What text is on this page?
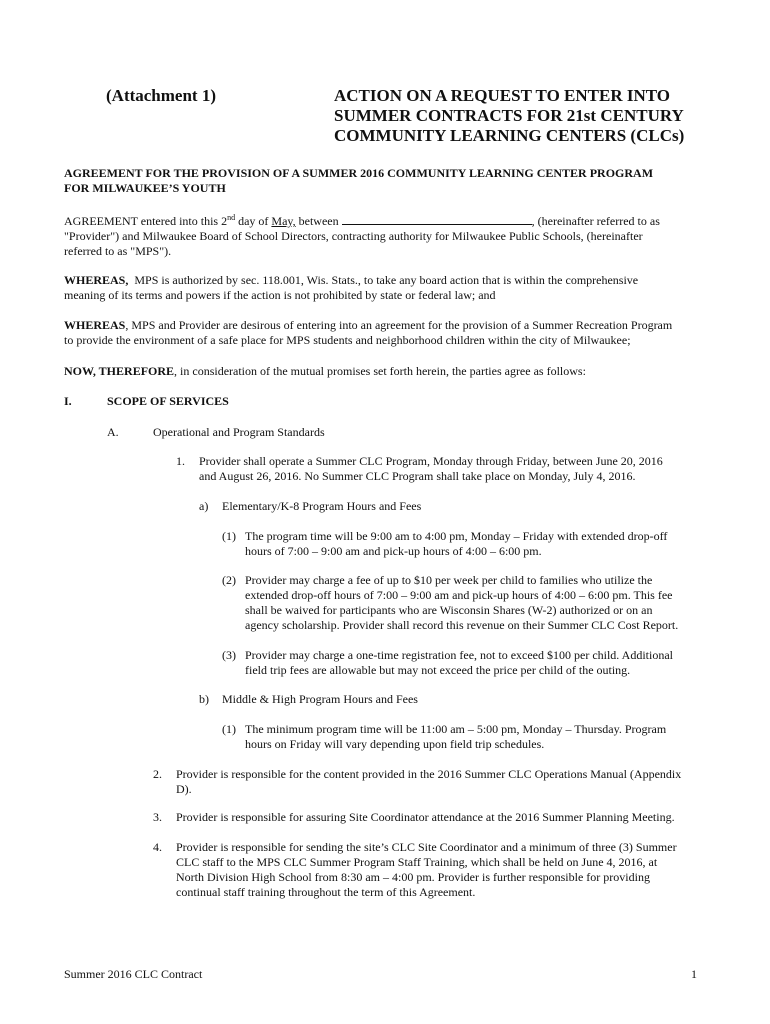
(Attachment 1)	ACTION ON A REQUEST TO ENTER INTO
SUMMER CONTRACTS FOR 21st CENTURY
COMMUNITY LEARNING CENTERS (CLCs)
AGREEMENT FOR THE PROVISION OF A SUMMER 2016 COMMUNITY LEARNING CENTER PROGRAM
FOR MILWAUKEE’S YOUTH
AGREEMENT entered into this 2nd day of May, between	, (hereinafter referred to as
"Provider") and Milwaukee Board of School Directors, contracting authority for Milwaukee Public Schools, (hereinafter
referred to as "MPS").
WHEREAS,  MPS is authorized by sec. 118.001, Wis. Stats., to take any board action that is within the comprehensive
meaning of its terms and powers if the action is not prohibited by state or federal law; and
WHEREAS, MPS and Provider are desirous of entering into an agreement for the provision of a Summer Recreation Program
to provide the environment of a safe place for MPS students and neighborhood children within the city of Milwaukee;
NOW, THEREFORE, in consideration of the mutual promises set forth herein, the parties agree as follows:
I.	SCOPE OF SERVICES
A.	Operational and Program Standards
1. Provider shall operate a Summer CLC Program, Monday through Friday, between June 20, 2016
and August 26, 2016. No Summer CLC Program shall take place on Monday, July 4, 2016.
a) Elementary/K-8 Program Hours and Fees
(1) The program time will be 9:00 am to 4:00 pm, Monday – Friday with extended drop-off
hours of 7:00 – 9:00 am and pick-up hours of 4:00 – 6:00 pm.
(2) Provider may charge a fee of up to $10 per week per child to families who utilize the
extended drop-off hours of 7:00 – 9:00 am and pick-up hours of 4:00 – 6:00 pm. This fee
shall be waived for participants who are Wisconsin Shares (W-2) authorized or on an
agency scholarship. Provider shall record this revenue on their Summer CLC Cost Report.
(3) Provider may charge a one-time registration fee, not to exceed $100 per child. Additional
field trip fees are allowable but may not exceed the price per child of the outing.
b) Middle & High Program Hours and Fees
(1) The minimum program time will be 11:00 am – 5:00 pm, Monday – Thursday. Program
hours on Friday will vary depending upon field trip schedules.
2. Provider is responsible for the content provided in the 2016 Summer CLC Operations Manual (Appendix
D).
3. Provider is responsible for assuring Site Coordinator attendance at the 2016 Summer Planning Meeting.
4. Provider is responsible for sending the site’s CLC Site Coordinator and a minimum of three (3) Summer
CLC staff to the MPS CLC Summer Program Staff Training, which shall be held on June 4, 2016, at
North Division High School from 8:30 am – 4:00 pm. Provider is further responsible for providing
continual staff training throughout the term of this Agreement.
Summer 2016 CLC Contract	1
